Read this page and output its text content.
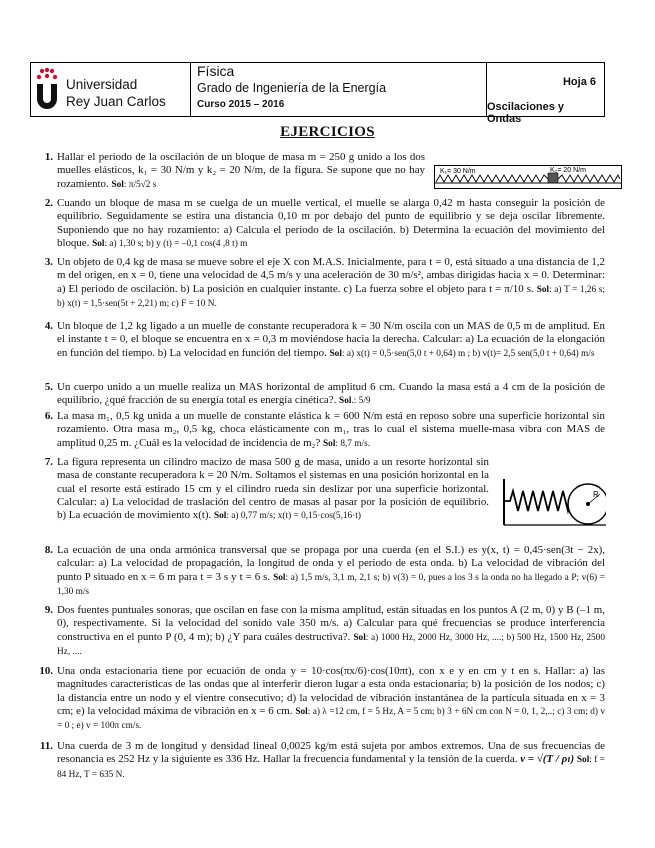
Universidad
Rey Juan Carlos
Física
Grado de Ingeniería de la Energía
Curso 2015 – 2016
Hoja 6
Oscilaciones y Ondas
EJERCICIOS
K₁= 30 N/m	K₂= 20 N/m
R
1. Hallar el periodo de la oscilación de un bloque de masa m = 250 g unido a los dos muelles elásticos, k₁ = 30 N/m y k₂ = 20 N/m, de la figura. Se supone que no hay rozamiento. Sol: π/5√2 s
2. Cuando un bloque de masa m se cuelga de un muelle vertical, el muelle se alarga 0,42 m hasta conseguir la posición de equilibrio. Seguidamente se estira una distancia 0,10 m por debajo del punto de equilibrio y se deja oscilar libremente. Suponiendo que no hay rozamiento: a) Calcula el periodo de la oscilación. b) Determina la ecuación del movimiento del bloque. Sol: a) 1,30 s; b) y (t) = –0,1 cos(4 ,8 t) m
3. Un objeto de 0,4 kg de masa se mueve sobre el eje X con M.A.S. Inicialmente, para t = 0, está situado a una distancia de 1,2 m del origen, en x = 0, tiene una velocidad de 4,5 m/s y una aceleración de 30 m/s², ambas dirigidas hacia x = 0. Determinar: a) El periodo de oscilación. b) La posición en cualquier instante. c) La fuerza sobre el objeto para t = π/10 s. Sol: a) T = 1,26 s; b) x(t) = 1,5·sen(5t + 2,21) m; c) F = 10 N.
4. Un bloque de 1,2 kg ligado a un muelle de constante recuperadora k = 30 N/m oscila con un MAS de 0,5 m de amplitud. En el instante t = 0, el bloque se encuentra en x = 0,3 m moviéndose hacia la derecha. Calcular: a) La ecuación de la elongación en función del tiempo. b) La velocidad en función del tiempo. Sol: a) x(t) = 0,5·sen(5,0 t + 0,64) m ; b) v(t)= 2,5 sen(5,0 t + 0,64) m/s
5. Un cuerpo unido a un muelle realiza un MAS horizontal de amplitud 6 cm. Cuando la masa está a 4 cm de la posición de equilibrio, ¿qué fracción de su energía total es energía cinética?. Sol.: 5/9
6. La masa m₁, 0,5 kg unida a un muelle de constante elástica k = 600 N/m está en reposo sobre una superficie horizontal sin rozamiento. Otra masa m₂, 0,5 kg, choca elásticamente con m₁, tras lo cual el sistema muelle-masa vibra con MAS de amplitud 0,25 m. ¿Cuál es la velocidad de incidencia de m₂? Sol: 8,7 m/s.
7. La figura representa un cilindro macizo de masa 500 g de masa, unido a un resorte horizontal sin masa de constante recuperadora k = 20 N/m. Soltamos el sistemas en una posición horizontal en la cual el resorte está estirado 15 cm y el cilindro rueda sin deslizar por una superficie horizontal. Calcular: a) La velocidad de traslación del centro de masas al pasar por la posición de equilibrio. b) La ecuación de movimiento x(t). Sol: a) 0,77 m/s; x(t) = 0,15·cos(5,16·t)
8. La ecuación de una onda armónica transversal que se propaga por una cuerda (en el S.I.) es y(x, t) = 0,45·sen(3t − 2x), calcular: a) La velocidad de propagación, la longitud de onda y el periodo de esta onda. b) La velocidad de vibración del punto P situado en x = 6 m para t = 3 s y t = 6 s. Sol: a) 1,5 m/s, 3,1 m, 2,1 s; b) v(3) = 0, pues a los 3 s la onda no ha llegado a P; v(6) = 1,30 m/s
9. Dos fuentes puntuales sonoras, que oscilan en fase con la misma amplitud, están situadas en los puntos A (2 m, 0) y B (–1 m, 0), respectivamente. Si la velocidad del sonido vale 350 m/s. a) Calcular para qué frecuencias se produce interferencia constructiva en el punto P (0, 4 m); b) ¿Y para cuáles destructiva?. Sol: a) 1000 Hz, 2000 Hz, 3000 Hz, ....; b) 500 Hz, 1500 Hz, 2500 Hz, ....
10. Una onda estacionaria tiene por ecuación de onda y = 10·cos(πx/6)·cos(10πt), con x e y en cm y t en s. Hallar: a) las magnitudes características de las ondas que al interferir dieron lugar a esta onda estacionaria; b) la posición de los nodos; c) la distancia entre un nodo y el vientre consecutivo; d) la velocidad de vibración instantánea de la partícula situada en x = 3 cm; e) la velocidad máxima de vibración en x = 6 cm. Sol: a) λ =12 cm, f = 5 Hz, A = 5 cm; b) 3 + 6N cm con N = 0, 1, 2,..; c) 3 cm; d) v = 0 ; e) v = 100π cm/s.
11. Una cuerda de 3 m de longitud y densidad lineal 0,0025 kg/m está sujeta por ambos extremos. Una de sus frecuencias de resonancia es 252 Hz y la siguiente es 336 Hz. Hallar la frecuencia fundamental y la tensión de la cuerda. v = √(T / ρₗ) Sol: f = 84 Hz, T = 635 N.
